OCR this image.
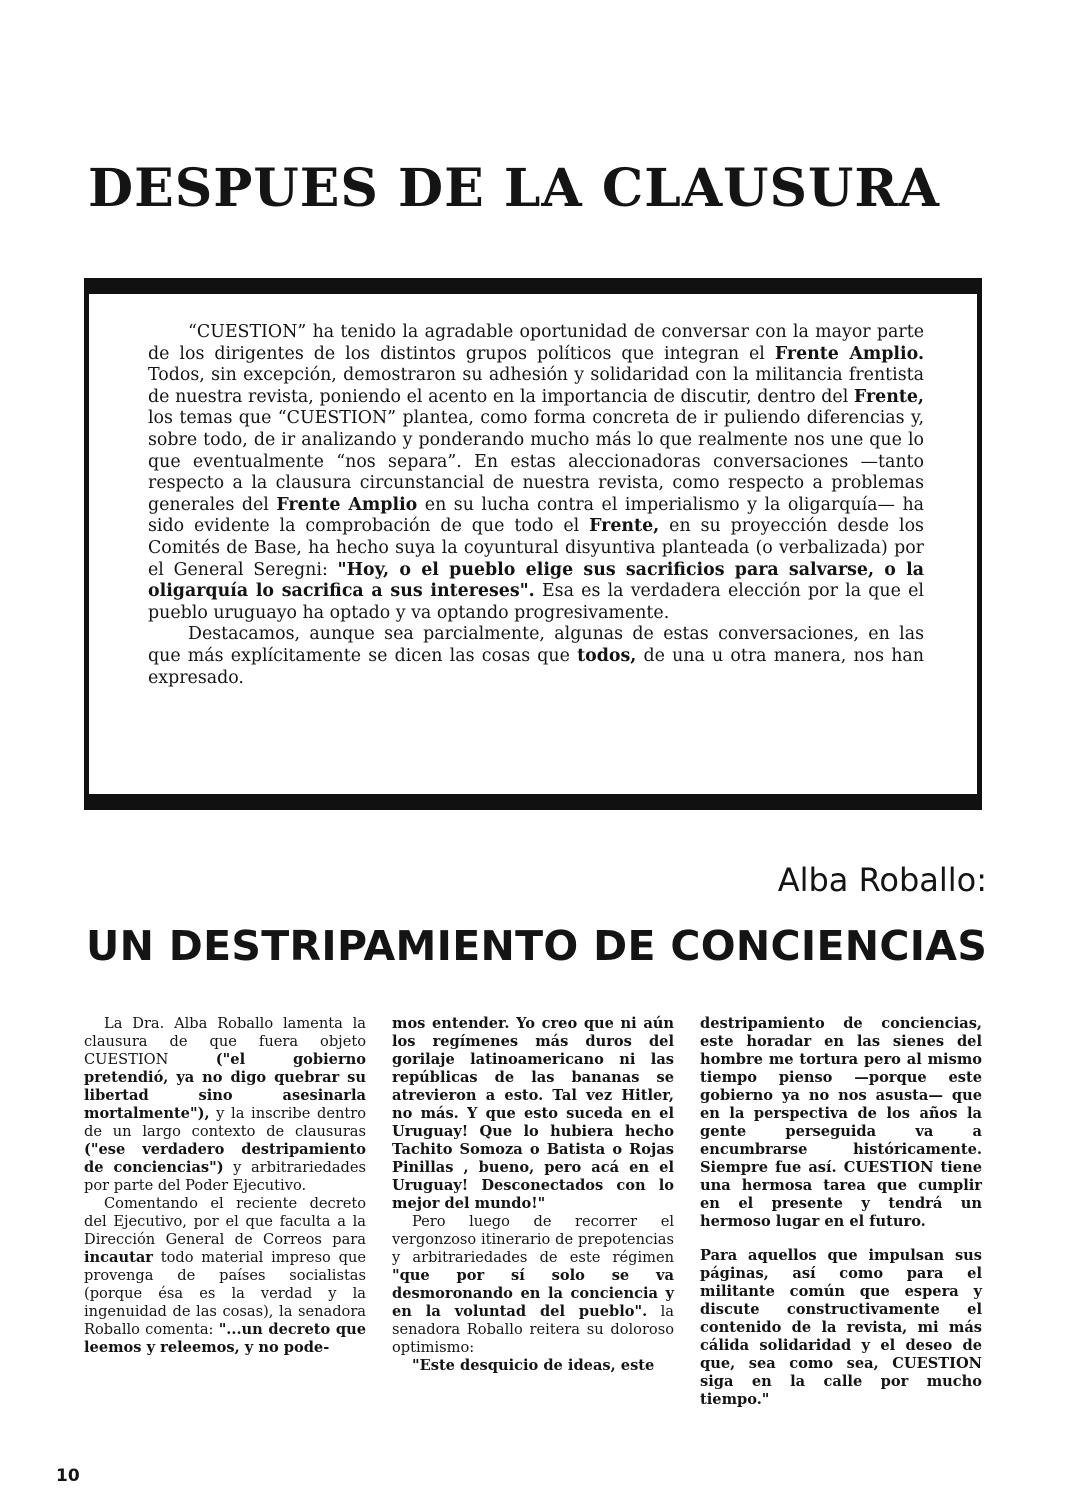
DESPUES DE LA CLAUSURA

“CUESTION” ha tenido la agradable oportunidad de conversar con la mayor parte de los dirigentes de los distintos grupos políticos que integran el Frente Amplio. Todos, sin excepción, demostraron su adhesión y solidaridad con la militancia frentista de nuestra revista, poniendo el acento en la importancia de discutir, dentro del Frente, los temas que “CUESTION” plantea, como forma concreta de ir puliendo diferencias y, sobre todo, de ir analizando y ponderando mucho más lo que realmente nos une que lo que eventualmente “nos separa”. En estas aleccionadoras conversaciones —tanto respecto a la clausura circunstancial de nuestra revista, como respecto a problemas generales del Frente Amplio en su lucha contra el imperialismo y la oligarquía— ha sido evidente la comprobación de que todo el Frente, en su proyección desde los Comités de Base, ha hecho suya la coyuntural disyuntiva planteada (o verbalizada) por el General Seregni: "Hoy, o el pueblo elige sus sacrificios para salvarse, o la oligarquía lo sacrifica a sus intereses". Esa es la verdadera elección por la que el pueblo uruguayo ha optado y va optando progresivamente.

Destacamos, aunque sea parcialmente, algunas de estas conversaciones, en las que más explícitamente se dicen las cosas que todos, de una u otra manera, nos han expresado.

Alba Roballo:
UN DESTRIPAMIENTO DE CONCIENCIAS

La Dra. Alba Roballo lamenta la clausura de que fuera objeto CUESTION ("el gobierno pretendió, ya no digo quebrar su libertad sino asesinarla mortalmente"), y la inscribe dentro de un largo contexto de clausuras ("ese verdadero destripamiento de conciencias") y arbitrariedades por parte del Poder Ejecutivo.

Comentando el reciente decreto del Ejecutivo, por el que faculta a la Dirección General de Correos para incautar todo material impreso que provenga de países socialistas (porque ésa es la verdad y la ingenuidad de las cosas), la senadora Roballo comenta: "...un decreto que leemos y releemos, y no pode-

mos entender. Yo creo que ni aún los regímenes más duros del gorilaje latinoamericano ni las repúblicas de las bananas se atrevieron a esto. Tal vez Hitler, no más. Y que esto suceda en el Uruguay! Que lo hubiera hecho Tachito Somoza o Batista o Rojas Pinillas , bueno, pero acá en el Uruguay! Desconectados con lo mejor del mundo!"

Pero luego de recorrer el vergonzoso itinerario de prepotencias y arbitrariedades de este régimen "que por sí solo se va desmoronando en la conciencia y en la voluntad del pueblo". la senadora Roballo reitera su doloroso optimismo:

"Este desquicio de ideas, este

destripamiento de conciencias, este horadar en las sienes del hombre me tortura pero al mismo tiempo pienso —porque este gobierno ya no nos asusta— que en la perspectiva de los años la gente perseguida va a encumbrarse históricamente. Siempre fue así. CUESTION tiene una hermosa tarea que cumplir en el presente y tendrá un hermoso lugar en el futuro.

Para aquellos que impulsan sus páginas, así como para el militante común que espera y discute constructivamente el contenido de la revista, mi más cálida solidaridad y el deseo de que, sea como sea, CUESTION siga en la calle por mucho tiempo."

10
